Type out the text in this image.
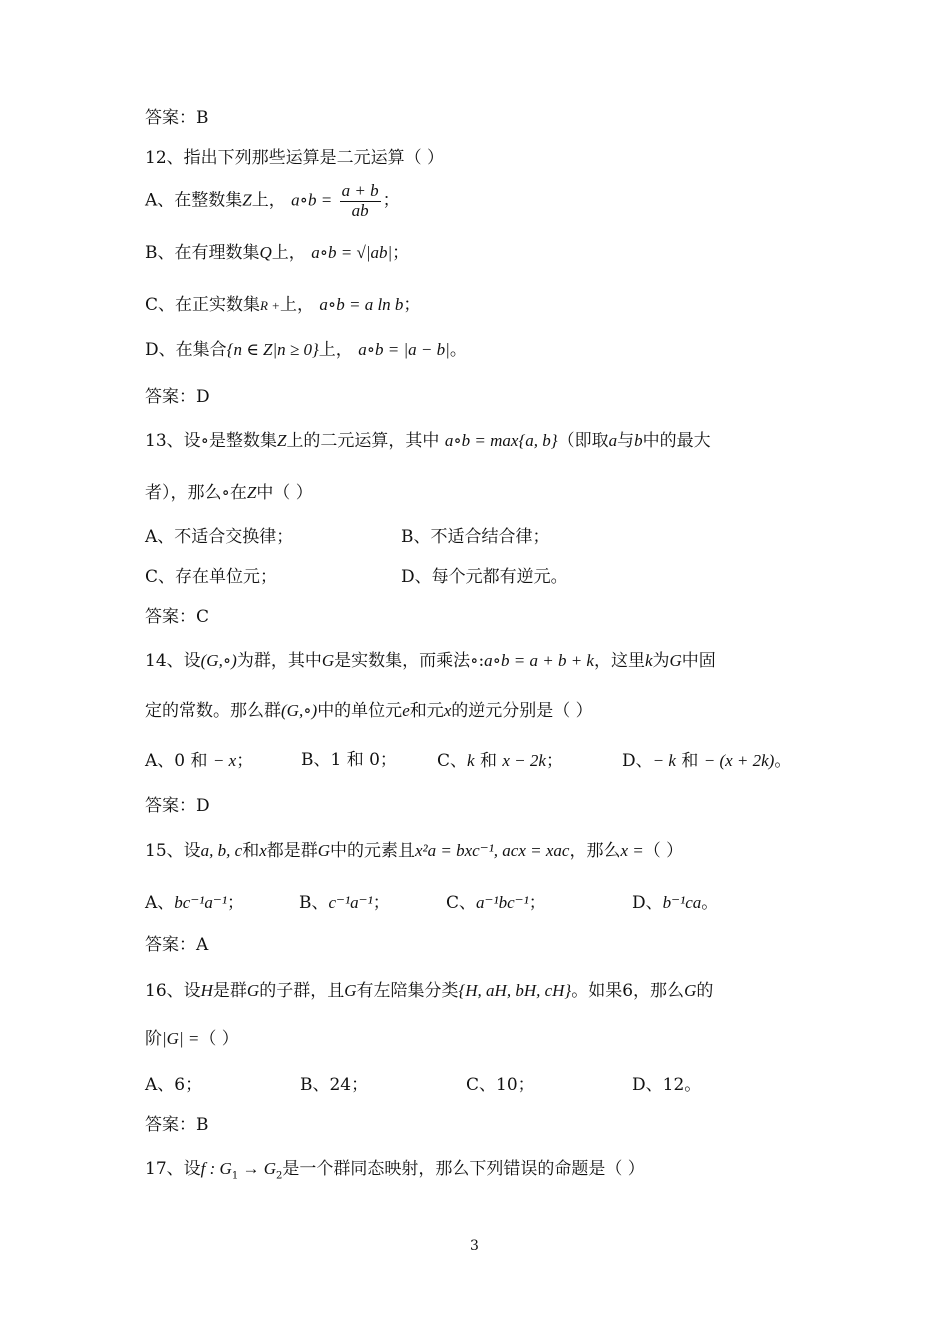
答案：B
12、指出下列那些运算是二元运算（ ）
A、在整数集Z上， a∘b = $\frac{a + b}{ab}$ ；
B、在有理数集Q上， a∘b = √|ab|；
C、在正实数集R +上， a∘b = a ln b；
D、在集合{n ∈ Z|n ≥ 0}上， a∘b = |a − b|。
答案：D
13、设∘是整数集Z上的二元运算，其中 a∘b = max{a, b}（即取a与b中的最大
者），那么∘在Z中（ ）
A、不适合交换律；	B、不适合结合律；
C、存在单位元；	D、每个元都有逆元。
答案：C
14、设(G,∘)为群，其中G是实数集，而乘法∘:a∘b = a + b + k，这里k为G中固
定的常数。那么群(G,∘)中的单位元e和元x的逆元分别是（ ）
A、0 和 − x；	B、1 和 0； C、k 和 x − 2k；	D、− k 和 − (x + 2k)。
答案：D
15、设a, b, c和x都是群G中的元素且x²a = bxc⁻¹, acx = xac，那么x =（ ）
A、bc⁻¹a⁻¹；	B、c⁻¹a⁻¹；	C、a⁻¹bc⁻¹；	D、b⁻¹ca。
答案：A
16、设H是群G的子群，且G有左陪集分类{H, aH, bH, cH}。如果6，那么G的
阶|G| =（ ）
A、6；	B、24；	C、10；	D、12。
答案：B
17、设f : $G_1 \to G_2$是一个群同态映射，那么下列错误的命题是（ ）
3
